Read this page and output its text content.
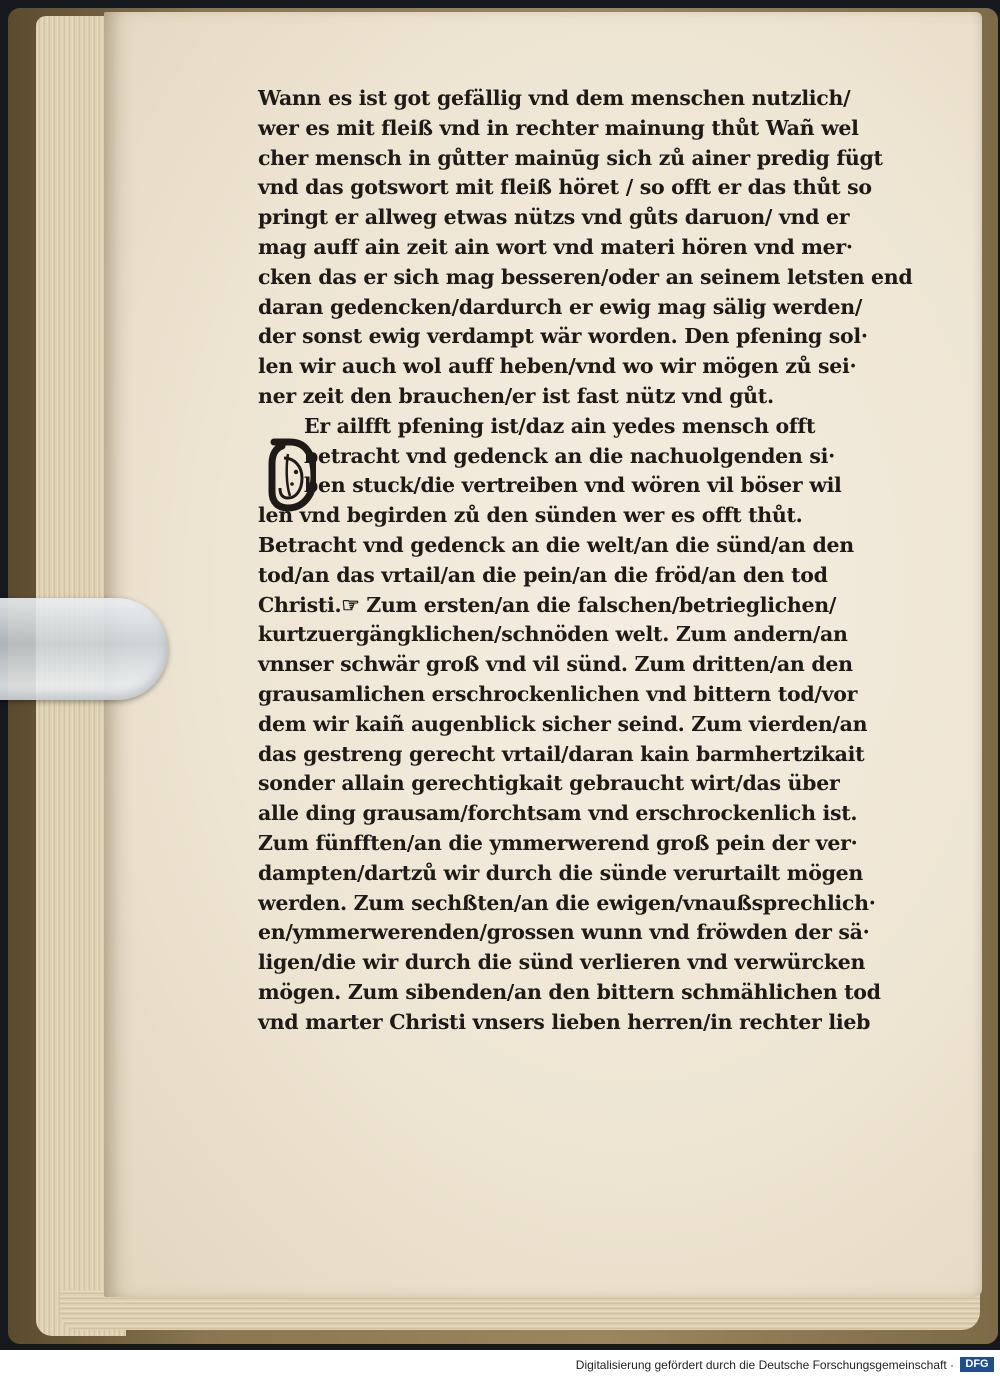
Wann es ist got gefällig vnd dem menschen nutzlich/
wer es mit fleiß vnd in rechter mainung thůt Wañ wel
cher mensch in gůtter mainūg sich zů ainer predig fügt
vnd das gotswort mit fleiß höret / so offt er das thůt so
pringt er allweg etwas nützs vnd gůts daruon/ vnd er
mag auff ain zeit ain wort vnd materi hören vnd mer·
cken das er sich mag besseren/oder an seinem letsten end
daran gedencken/dardurch er ewig mag sälig werden/
der sonst ewig verdampt wär worden. Den pfening sol·
len wir auch wol auff heben/vnd wo wir mögen zů sei·
ner zeit den brauchen/er ist fast nütz vnd gůt.
Er ailfft pfening ist/daz ain yedes mensch offt
betracht vnd gedenck an die nachuolgenden si·
ben stuck/die vertreiben vnd wören vil böser wil
len vnd begirden zů den sünden wer es offt thůt.
Betracht vnd gedenck an die welt/an die sünd/an den
tod/an das vrtail/an die pein/an die fröd/an den tod
Christi.☞ Zum ersten/an die falschen/betrieglichen/
kurtzuergängklichen/schnöden welt. Zum andern/an
vnnser schwär groß vnd vil sünd. Zum dritten/an den
grausamlichen erschrockenlichen vnd bittern tod/vor
dem wir kaiñ augenblick sicher seind. Zum vierden/an
das gestreng gerecht vrtail/daran kain barmhertzikait
sonder allain gerechtigkait gebraucht wirt/das über
alle ding grausam/forchtsam vnd erschrockenlich ist.
Zum fünfften/an die ymmerwerend groß pein der ver·
dampten/dartzů wir durch die sünde verurtailt mögen
werden. Zum sechßten/an die ewigen/vnaußsprechlich·
en/ymmerwerenden/grossen wunn vnd fröwden der sä·
ligen/die wir durch die sünd verlieren vnd verwürcken
mögen. Zum sibenden/an den bittern schmählichen tod
vnd marter Christi vnsers lieben herren/in rechter lieb
Digitalisierung gefördert durch die Deutsche Forschungsgemeinschaft ·	DFG
